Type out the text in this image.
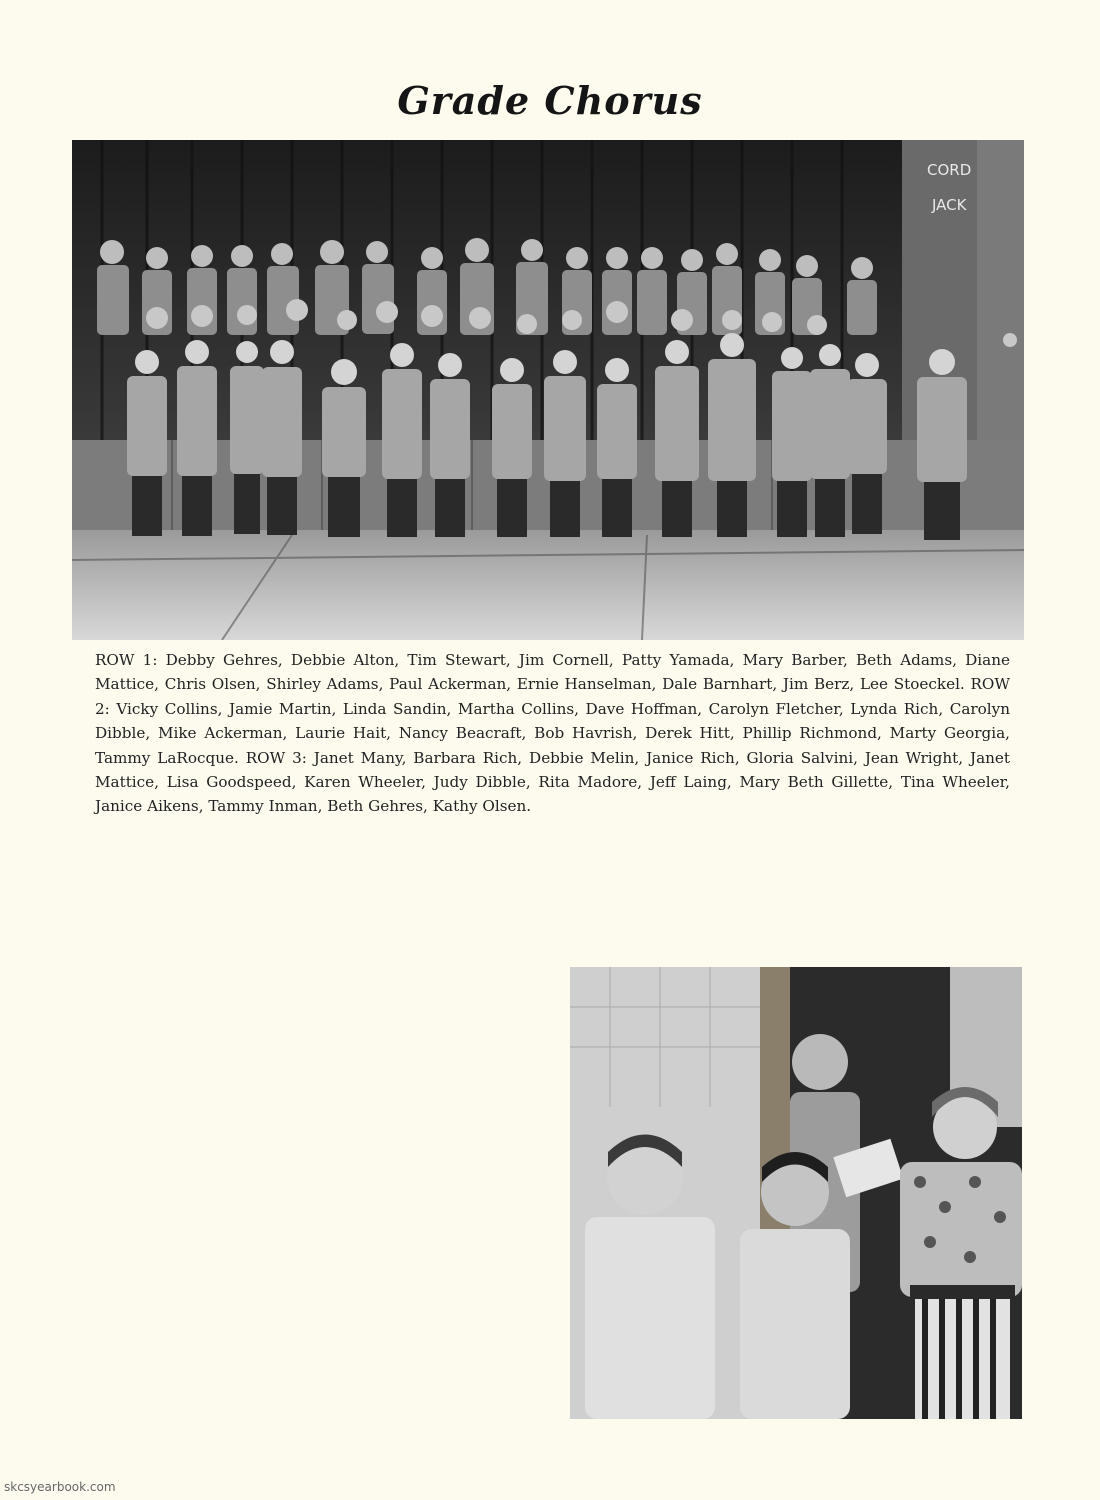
Grade Chorus
CORD
JACK
ROW 1: Debby Gehres, Debbie Alton, Tim Stewart, Jim Cornell, Patty Yamada, Mary Barber, Beth Adams, Diane Mattice, Chris Olsen, Shirley Adams, Paul Ackerman, Ernie Hanselman, Dale Barnhart, Jim Berz, Lee Stoeckel. ROW 2: Vicky Collins, Jamie Martin, Linda Sandin, Martha Collins, Dave Hoffman, Carolyn Fletcher, Lynda Rich, Carolyn Dibble, Mike Ackerman, Laurie Hait, Nancy Beacraft, Bob Havrish, Derek Hitt, Phillip Richmond, Marty Georgia, Tammy LaRocque. ROW 3: Janet Many, Barbara Rich, Debbie Melin, Janice Rich, Gloria Salvini, Jean Wright, Janet Mattice, Lisa Goodspeed, Karen Wheeler, Judy Dibble, Rita Madore, Jeff Laing, Mary Beth Gillette, Tina Wheeler, Janice Aikens, Tammy Inman, Beth Gehres, Kathy Olsen.
skcsyearbook.com
